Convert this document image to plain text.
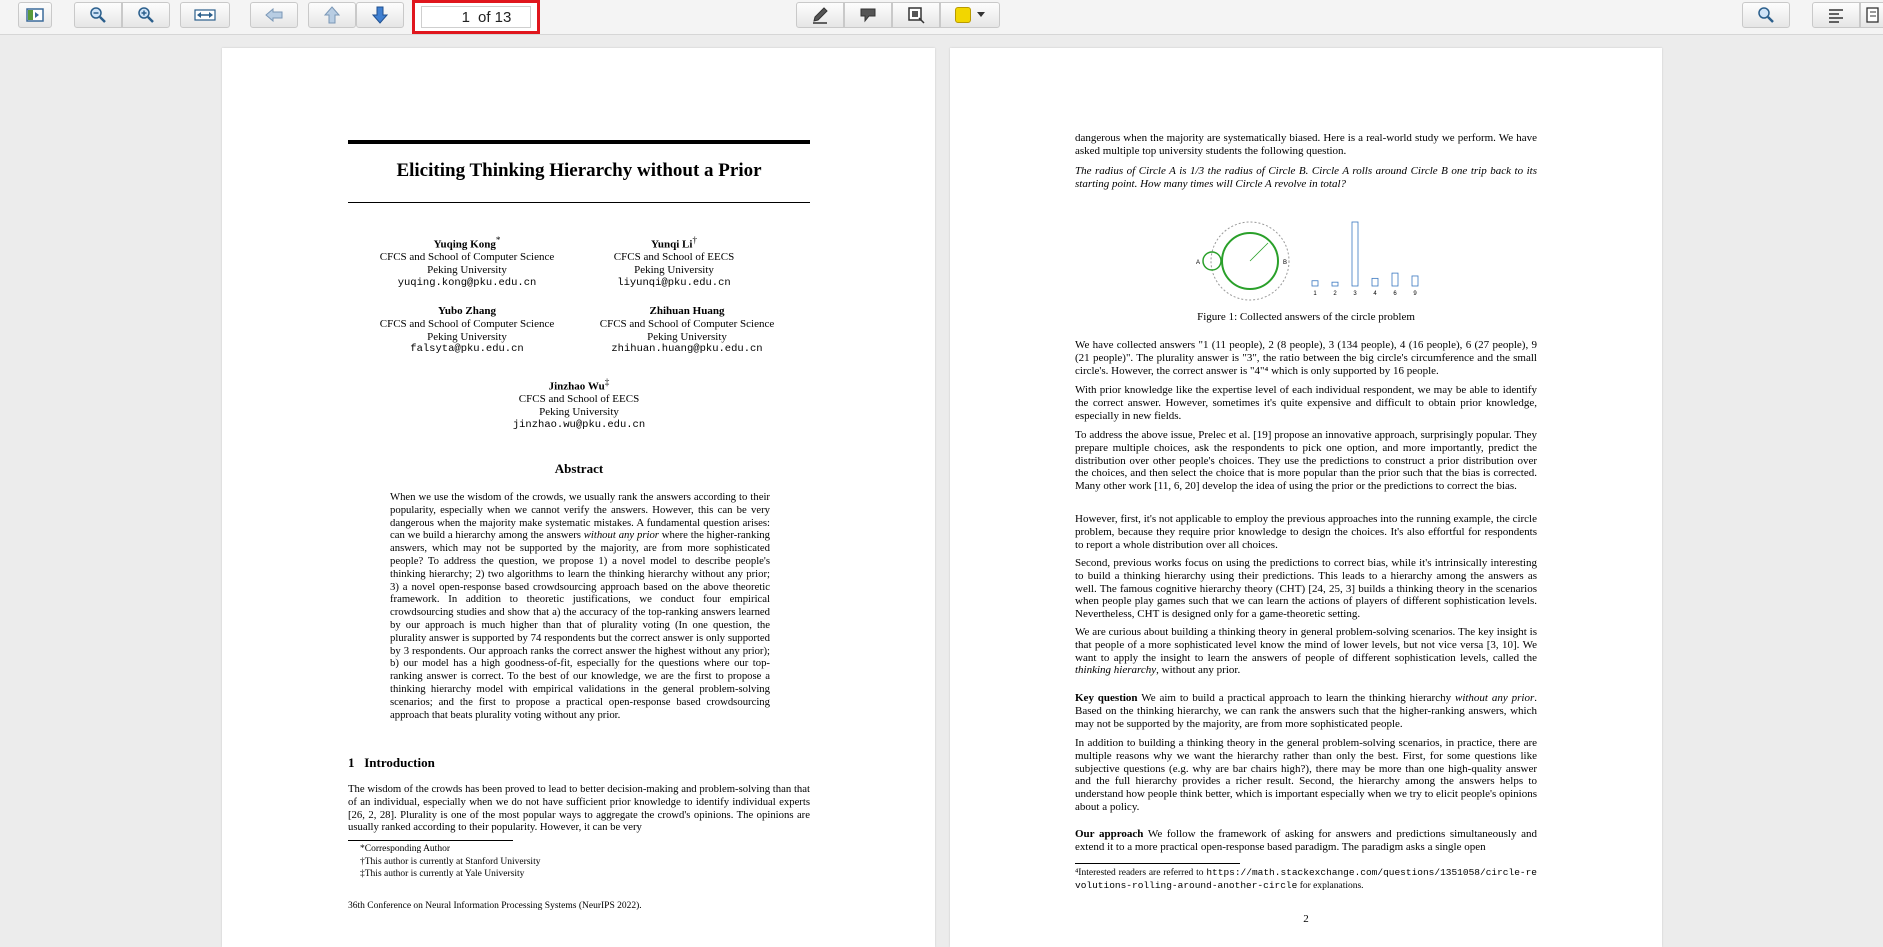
1 of 13
Eliciting Thinking Hierarchy without a Prior
Yuqing Kong*
CFCS and School of Computer Science
Peking University
yuqing.kong@pku.edu.cn
Yunqi Li†
CFCS and School of EECS
Peking University
liyunqi@pku.edu.cn
Yubo Zhang
CFCS and School of Computer Science
Peking University
falsyta@pku.edu.cn
Zhihuan Huang
CFCS and School of Computer Science
Peking University
zhihuan.huang@pku.edu.cn
Jinzhao Wu‡
CFCS and School of EECS
Peking University
jinzhao.wu@pku.edu.cn
Abstract
When we use the wisdom of the crowds, we usually rank the answers according to their popularity, especially when we cannot verify the answers. However, this can be very dangerous when the majority make systematic mistakes. A fundamental question arises: can we build a hierarchy among the answers without any prior where the higher-ranking answers, which may not be supported by the majority, are from more sophisticated people? To address the question, we propose 1) a novel model to describe people's thinking hierarchy; 2) two algorithms to learn the thinking hierarchy without any prior; 3) a novel open-response based crowdsourcing approach based on the above theoretic framework. In addition to theoretic justifications, we conduct four empirical crowdsourcing studies and show that a) the accuracy of the top-ranking answers learned by our approach is much higher than that of plurality voting (In one question, the plurality answer is supported by 74 respondents but the correct answer is only supported by 3 respondents. Our approach ranks the correct answer the highest without any prior); b) our model has a high goodness-of-fit, especially for the questions where our top-ranking answer is correct. To the best of our knowledge, we are the first to propose a thinking hierarchy model with empirical validations in the general problem-solving scenarios; and the first to propose a practical open-response based crowdsourcing approach that beats plurality voting without any prior.
1 Introduction
The wisdom of the crowds has been proved to lead to better decision-making and problem-solving than that of an individual, especially when we do not have sufficient prior knowledge to identify individual experts [26, 2, 28]. Plurality is one of the most popular ways to aggregate the crowd's opinions. The opinions are usually ranked according to their popularity. However, it can be very
*Corresponding Author
†This author is currently at Stanford University
‡This author is currently at Yale University
36th Conference on Neural Information Processing Systems (NeurIPS 2022).
dangerous when the majority are systematically biased. Here is a real-world study we perform. We have asked multiple top university students the following question.
The radius of Circle A is 1/3 the radius of Circle B. Circle A rolls around Circle B one trip back to its starting point. How many times will Circle A revolve in total?
A	B
1	2	3	4	6	9
Figure 1: Collected answers of the circle problem
We have collected answers "1 (11 people), 2 (8 people), 3 (134 people), 4 (16 people), 6 (27 people), 9 (21 people)". The plurality answer is "3", the ratio between the big circle's circumference and the small circle's. However, the correct answer is "4"⁴ which is only supported by 16 people.
With prior knowledge like the expertise level of each individual respondent, we may be able to identify the correct answer. However, sometimes it's quite expensive and difficult to obtain prior knowledge, especially in new fields.
To address the above issue, Prelec et al. [19] propose an innovative approach, surprisingly popular. They prepare multiple choices, ask the respondents to pick one option, and more importantly, predict the distribution over other people's choices. They use the predictions to construct a prior distribution over the choices, and then select the choice that is more popular than the prior such that the bias is corrected. Many other work [11, 6, 20] develop the idea of using the prior or the predictions to correct the bias.
However, first, it's not applicable to employ the previous approaches into the running example, the circle problem, because they require prior knowledge to design the choices. It's also effortful for respondents to report a whole distribution over all choices.
Second, previous works focus on using the predictions to correct bias, while it's intrinsically interesting to build a thinking hierarchy using their predictions. This leads to a hierarchy among the answers as well. The famous cognitive hierarchy theory (CHT) [24, 25, 3] builds a thinking theory in the scenarios when people play games such that we can learn the actions of players of different sophistication levels. Nevertheless, CHT is designed only for a game-theoretic setting.
We are curious about building a thinking theory in general problem-solving scenarios. The key insight is that people of a more sophisticated level know the mind of lower levels, but not vice versa [3, 10]. We want to apply the insight to learn the answers of people of different sophistication levels, called the thinking hierarchy, without any prior.
Key question We aim to build a practical approach to learn the thinking hierarchy without any prior. Based on the thinking hierarchy, we can rank the answers such that the higher-ranking answers, which may not be supported by the majority, are from more sophisticated people.
In addition to building a thinking theory in the general problem-solving scenarios, in practice, there are multiple reasons why we want the hierarchy rather than only the best. First, for some questions like subjective questions (e.g. why are bar chairs high?), there may be more than one high-quality answer and the full hierarchy provides a richer result. Second, the hierarchy among the answers helps to understand how people think better, which is important especially when we try to elicit people's opinions about a policy.
Our approach We follow the framework of asking for answers and predictions simultaneously and extend it to a more practical open-response based paradigm. The paradigm asks a single open
⁴Interested readers are referred to https://math.stackexchange.com/questions/1351058/circle-revolutions-rolling-around-another-circle for explanations.
2
